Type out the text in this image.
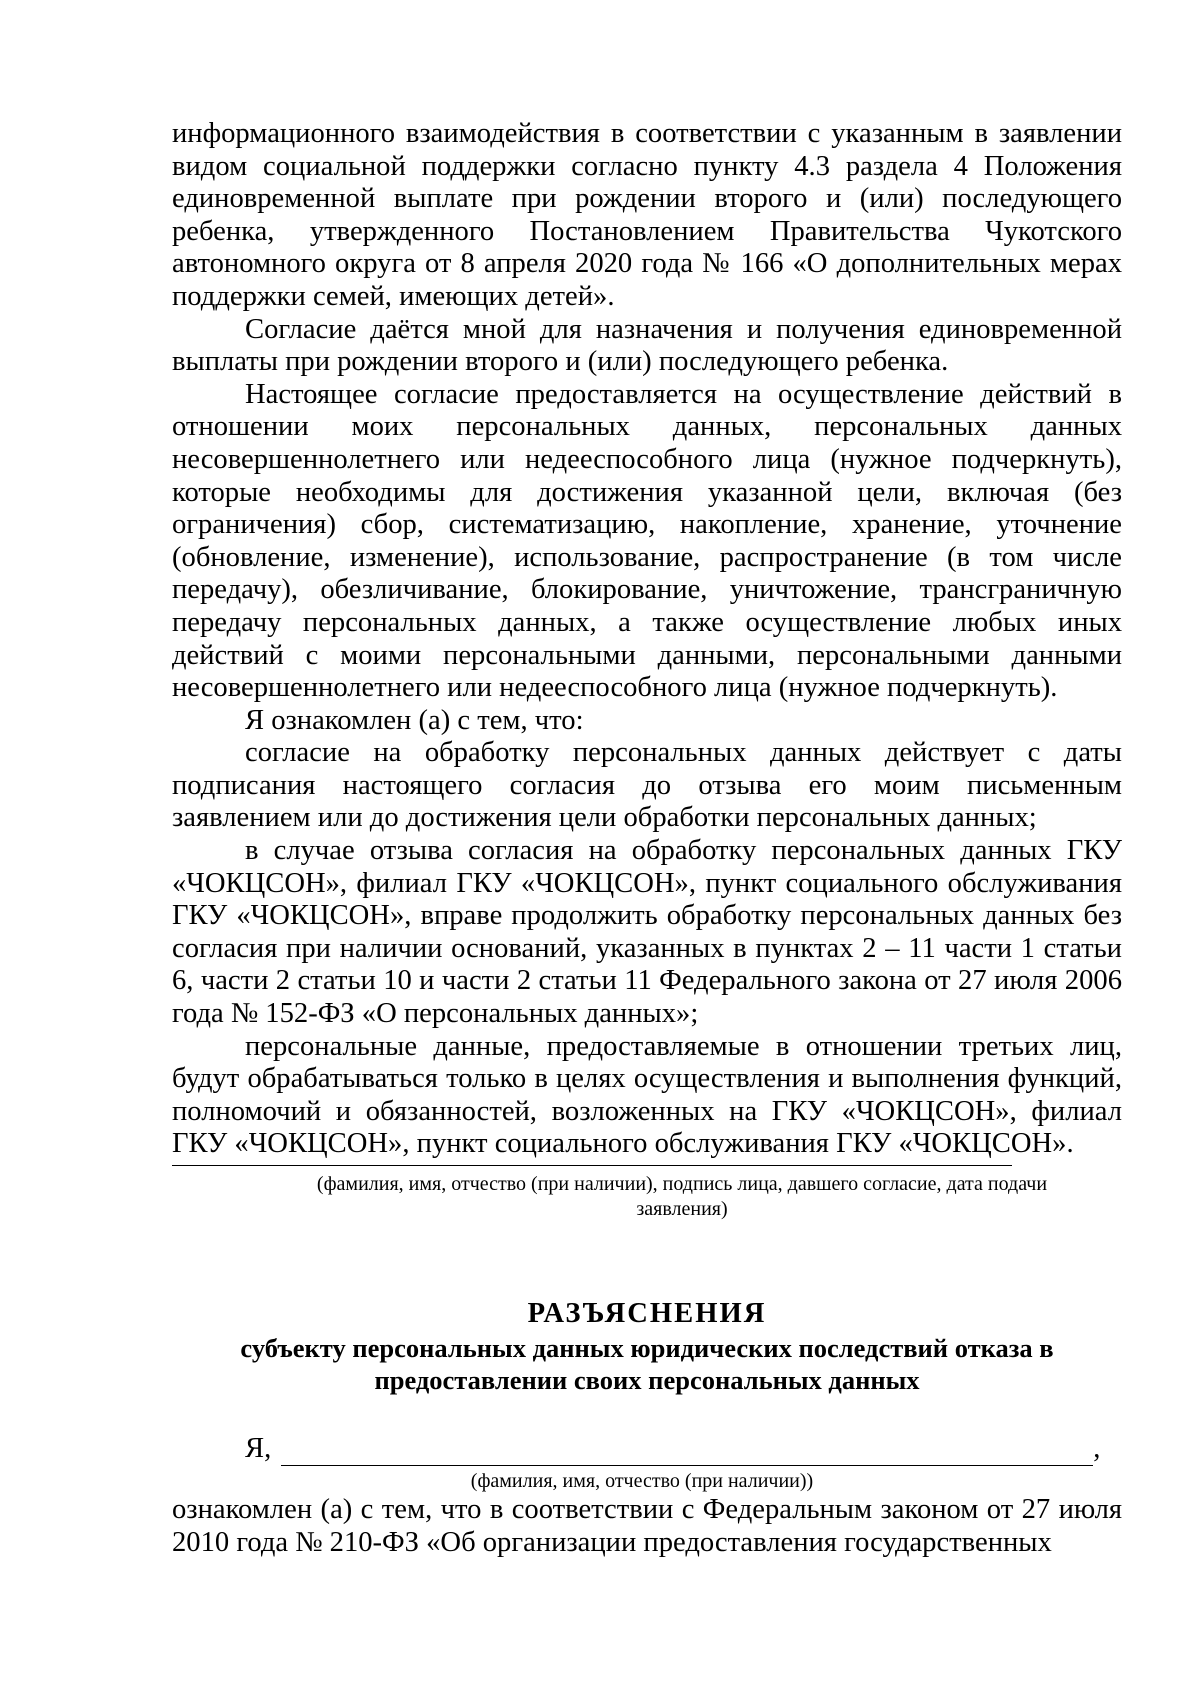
информационного взаимодействия в соответствии с указанным в заявлении видом социальной поддержки согласно пункту 4.3 раздела 4 Положения единовременной выплате при рождении второго и (или) последующего ребенка, утвержденного Постановлением Правительства Чукотского автономного округа от 8 апреля 2020 года № 166 «О дополнительных мерах поддержки семей, имеющих детей».

Согласие даётся мной для назначения и получения единовременной выплаты при рождении второго и (или) последующего ребенка.

Настоящее согласие предоставляется на осуществление действий в отношении моих персональных данных, персональных данных несовершеннолетнего или недееспособного лица (нужное подчеркнуть), которые необходимы для достижения указанной цели, включая (без ограничения) сбор, систематизацию, накопление, хранение, уточнение (обновление, изменение), использование, распространение (в том числе передачу), обезличивание, блокирование, уничтожение, трансграничную передачу персональных данных, а также осуществление любых иных действий с моими персональными данными, персональными данными несовершеннолетнего или недееспособного лица (нужное подчеркнуть).

Я ознакомлен (а) с тем, что:

согласие на обработку персональных данных действует с даты подписания настоящего согласия до отзыва его моим письменным заявлением или до достижения цели обработки персональных данных;

в случае отзыва согласия на обработку персональных данных ГКУ «ЧОКЦСОН», филиал ГКУ «ЧОКЦСОН», пункт социального обслуживания ГКУ «ЧОКЦСОН», вправе продолжить обработку персональных данных без согласия при наличии оснований, указанных в пунктах 2 – 11 части 1 статьи 6, части 2 статьи 10 и части 2 статьи 11 Федерального закона от 27 июля 2006 года № 152-ФЗ «О персональных данных»;

персональные данные, предоставляемые в отношении третьих лиц, будут обрабатываться только в целях осуществления и выполнения функций, полномочий и обязанностей, возложенных на ГКУ «ЧОКЦСОН», филиал ГКУ «ЧОКЦСОН», пункт социального обслуживания ГКУ «ЧОКЦСОН».

(фамилия, имя, отчество (при наличии), подпись лица, давшего согласие, дата подачи заявления)
РАЗЪЯСНЕНИЯ
субъекту персональных данных юридических последствий отказа в предоставлении своих персональных данных
Я,	,
(фамилия, имя, отчество (при наличии))

ознакомлен (а) с тем, что в соответствии с Федеральным законом от 27 июля 2010 года № 210-ФЗ «Об организации предоставления государственных
